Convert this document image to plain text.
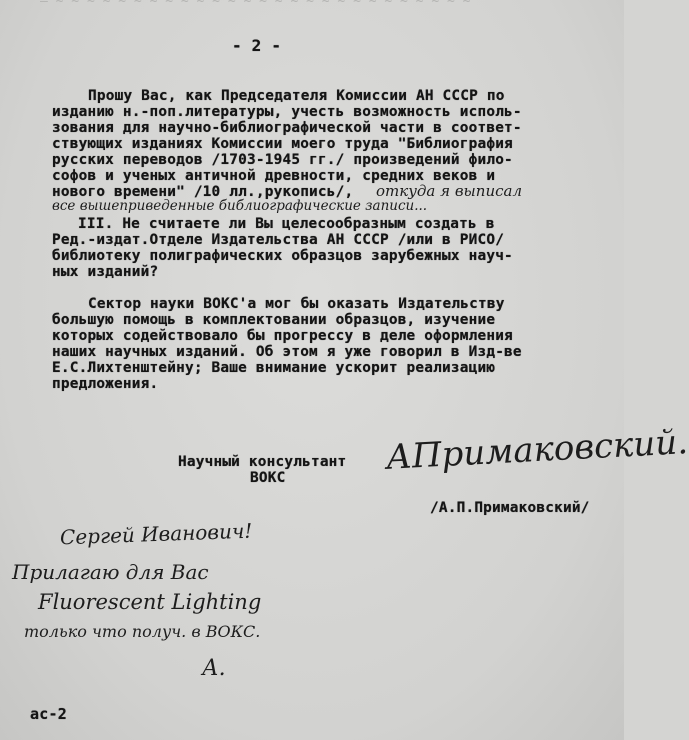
— ~ ~ ~ ~ ~ ~ ~ ~ ~ ~ ~ ~ ~ ~ ~ ~ ~ ~ ~ ~ ~ ~ ~ ~ ~ ~ ~
- 2 -
Прошу Вас, как Председателя Комиссии АН СССР по
изданию н.-поп.литературы, учесть возможность исполь-
зования для научно-библиографической части в соответ-
ствующих изданиях Комиссии моего труда "Библиография
русских переводов /1703-1945 гг./ произведений фило-
софов и ученых античной древности, средних веков и
нового времени" /10 лл.,рукопись/, откуда я выписал
все вышеприведенные библиографические записи...
III. Не считаете ли Вы целесообразным создать в
Ред.-издат.Отделе Издательства АН СССР /или в РИСО/
библиотеку полиграфических образцов зарубежных науч-
ных изданий?
Сектор науки ВОКС'а мог бы оказать Издательству
большую помощь в комплектовании образцов, изучение
которых содействовало бы прогрессу в деле оформления
наших научных изданий. Об этом я уже говорил в Изд-ве
Е.С.Лихтенштейну; Ваше внимание ускорит реализацию
предложения.
Научный консультант
ВОКС
АПримаковский.
/А.П.Примаковский/
Сергей Иванович!
Прилагаю для Вас
Fluorescent Lighting
только что получ. в ВОКС.
А.
ас-2
